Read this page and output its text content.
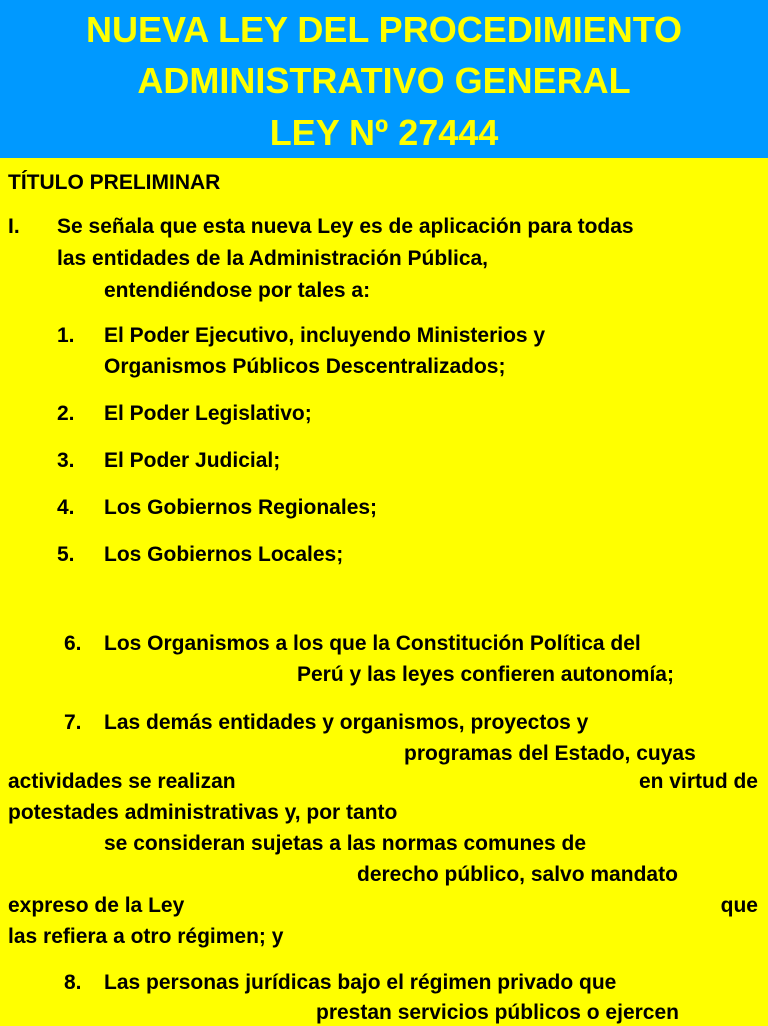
NUEVA LEY DEL PROCEDIMIENTO
ADMINISTRATIVO GENERAL
LEY Nº 27444
TÍTULO PRELIMINAR
I. Se señala que esta nueva Ley es de aplicación para todas
las entidades de la Administración Pública,
entendiéndose por tales a:
1. El Poder Ejecutivo, incluyendo Ministerios y
Organismos Públicos Descentralizados;
2. El Poder Legislativo;
3. El Poder Judicial;
4. Los Gobiernos Regionales;
5. Los Gobiernos Locales;
6. Los Organismos a los que la Constitución Política del
Perú y las leyes confieren autonomía;
7. Las demás entidades y organismos, proyectos y
programas del Estado, cuyas
actividades se realizan	en virtud de
potestades administrativas y, por tanto
se consideran sujetas a las normas comunes de
derecho público, salvo mandato
expreso de la Ley	que
las refiera a otro régimen; y
8. Las personas jurídicas bajo el régimen privado que
prestan servicios públicos o ejercen
